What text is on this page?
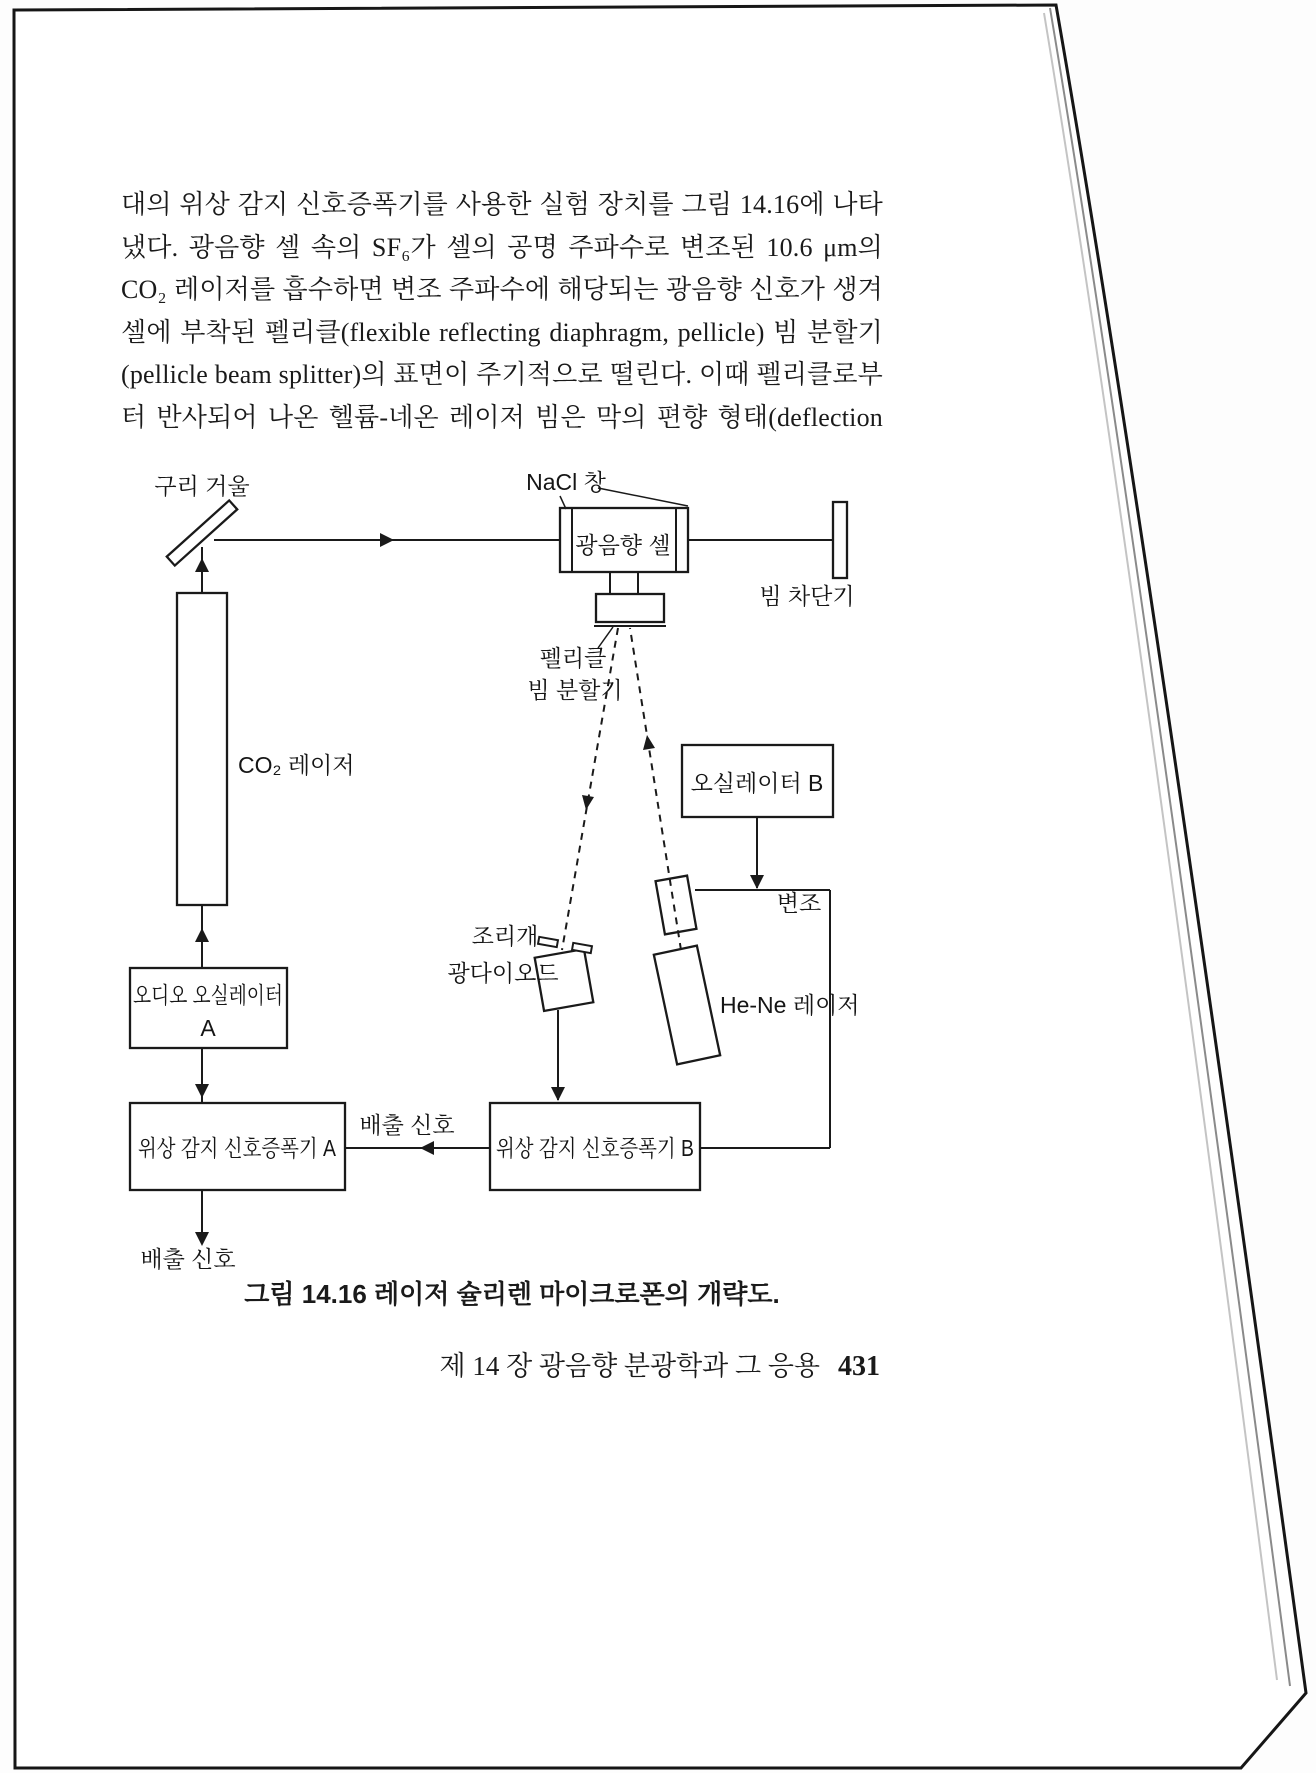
대의 위상 감지 신호증폭기를 사용한 실험 장치를 그림 14.16에 나타
냈다. 광음향 셀 속의 SF₆가 셀의 공명 주파수로 변조된 10.6 μm의
CO₂ 레이저를 흡수하면 변조 주파수에 해당되는 광음향 신호가 생겨
셀에 부착된 펠리클(flexible reflecting diaphragm, pellicle) 빔 분할기
(pellicle beam splitter)의 표면이 주기적으로 떨린다. 이때 펠리클로부
터 반사되어 나온 헬륨-네온 레이저 빔은 막의 편향 형태(deflection
구리 거울	NaCl 창
광음향 셀
빔 차단기
CO₂ 레이저
펠리클
빔 분할기
오실레이터 B
변조
조리개
광다이오드
He-Ne 레이저
오디오 오실레이터
A
위상 감지 신호증폭기 A	위상 감지 신호증폭기 B
배출 신호
배출 신호
그림 14.16 레이저 슐리렌 마이크로폰의 개략도.
제 14 장 광음향 분광학과 그 응용 431
